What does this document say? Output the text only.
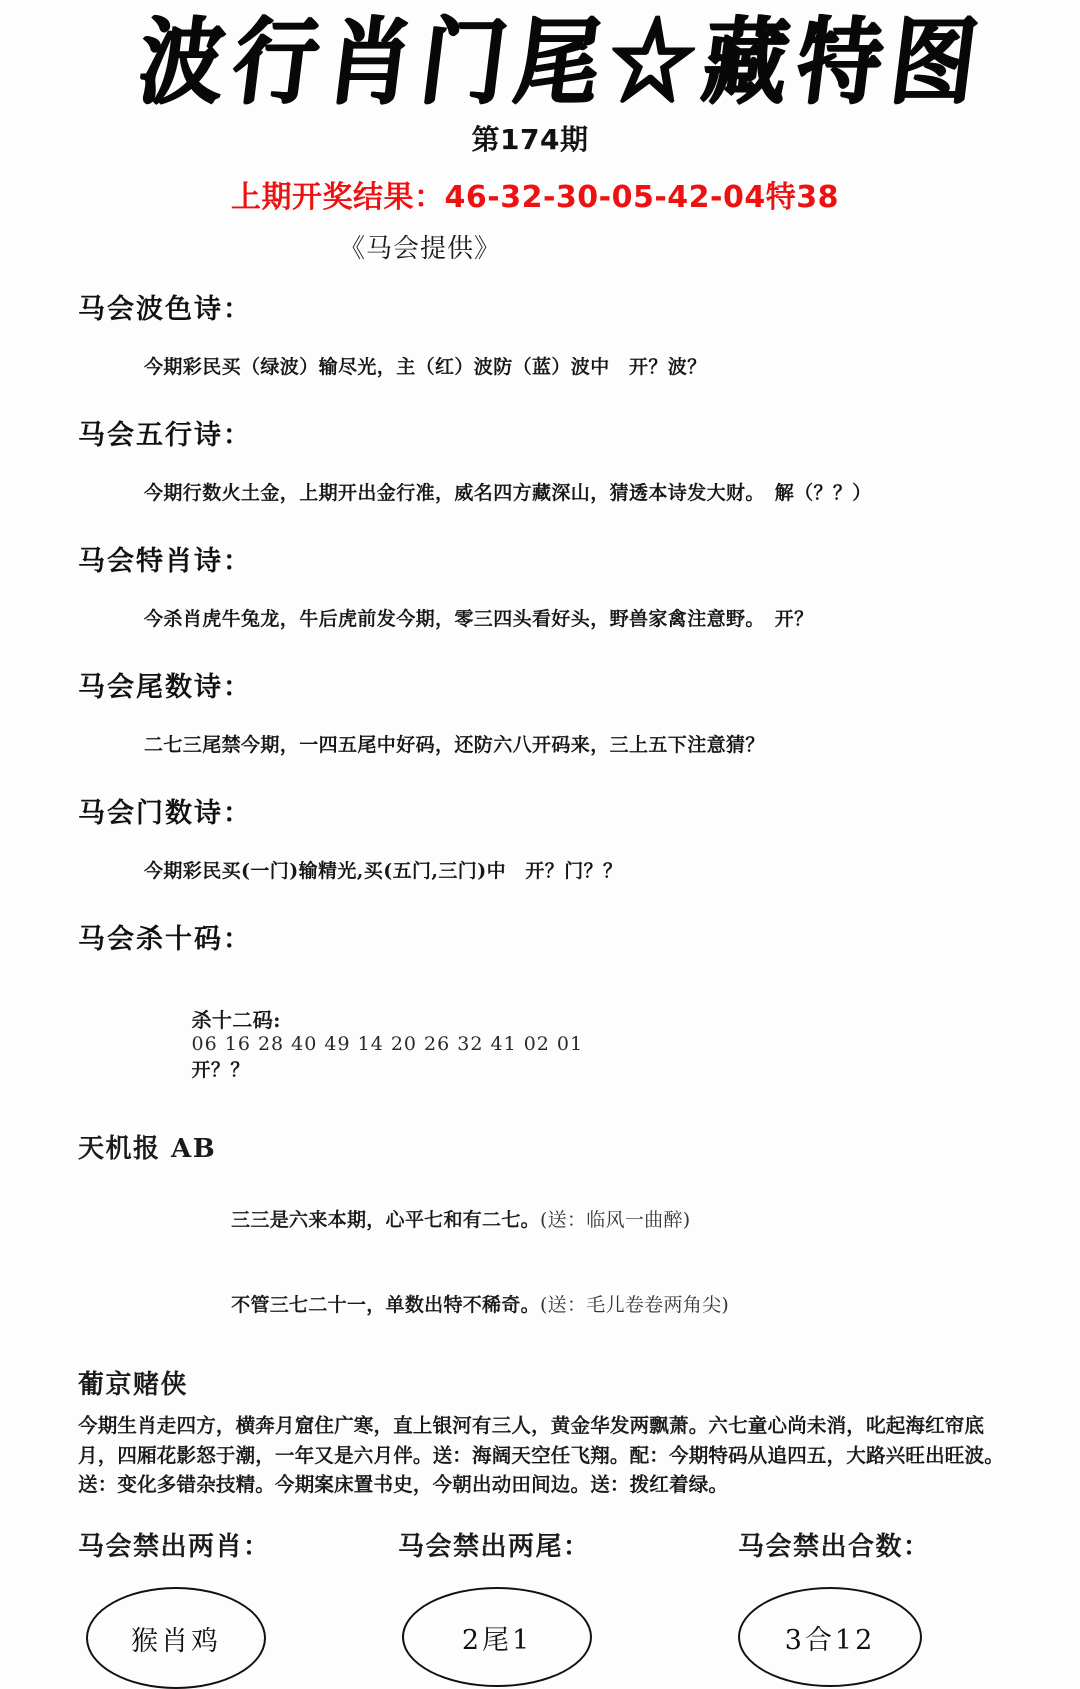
波行肖门尾☆藏特图
第174期
上期开奖结果：46-32-30-05-42-04特38
《马会提供》
马会波色诗：
今期彩民买（绿波）输尽光，主（红）波防（蓝）波中　开？波？
马会五行诗：
今期行数火土金，上期开出金行准，威名四方藏深山，猜透本诗发大财。　解（？？）
马会特肖诗：
今杀肖虎牛兔龙，牛后虎前发今期，零三四头看好头，野兽家禽注意野。　开？
马会尾数诗：
二七三尾禁今期，一四五尾中好码，还防六八开码来，三上五下注意猜？
马会门数诗：
今期彩民买(一门)输精光,买(五门,三门)中　开？门？？
马会杀十码：

杀十二码:
06 16 28 40 49 14 20 26 32 41 02 01
开？？

天机报 AB

三三是六来本期，心平七和有二七。(送：临风一曲醉)

不管三七二十一，单数出特不稀奇。(送：毛儿卷卷两角尖)

葡京赌侠
今期生肖走四方，横奔月窟住广寒，直上银河有三人，黄金华发两飘萧。六七童心尚未消，叱起海红帘底
月，四厢花影怒于潮，一年又是六月伴。送：海阔天空任飞翔。配：今期特码从追四五，大路兴旺出旺波。
送：变化多错杂技精。今期案床置书史，今朝出动田间边。送：拨红着绿。
马会禁出两肖：	马会禁出两尾：	马会禁出合数：
猴肖鸡	2尾1	3合12
